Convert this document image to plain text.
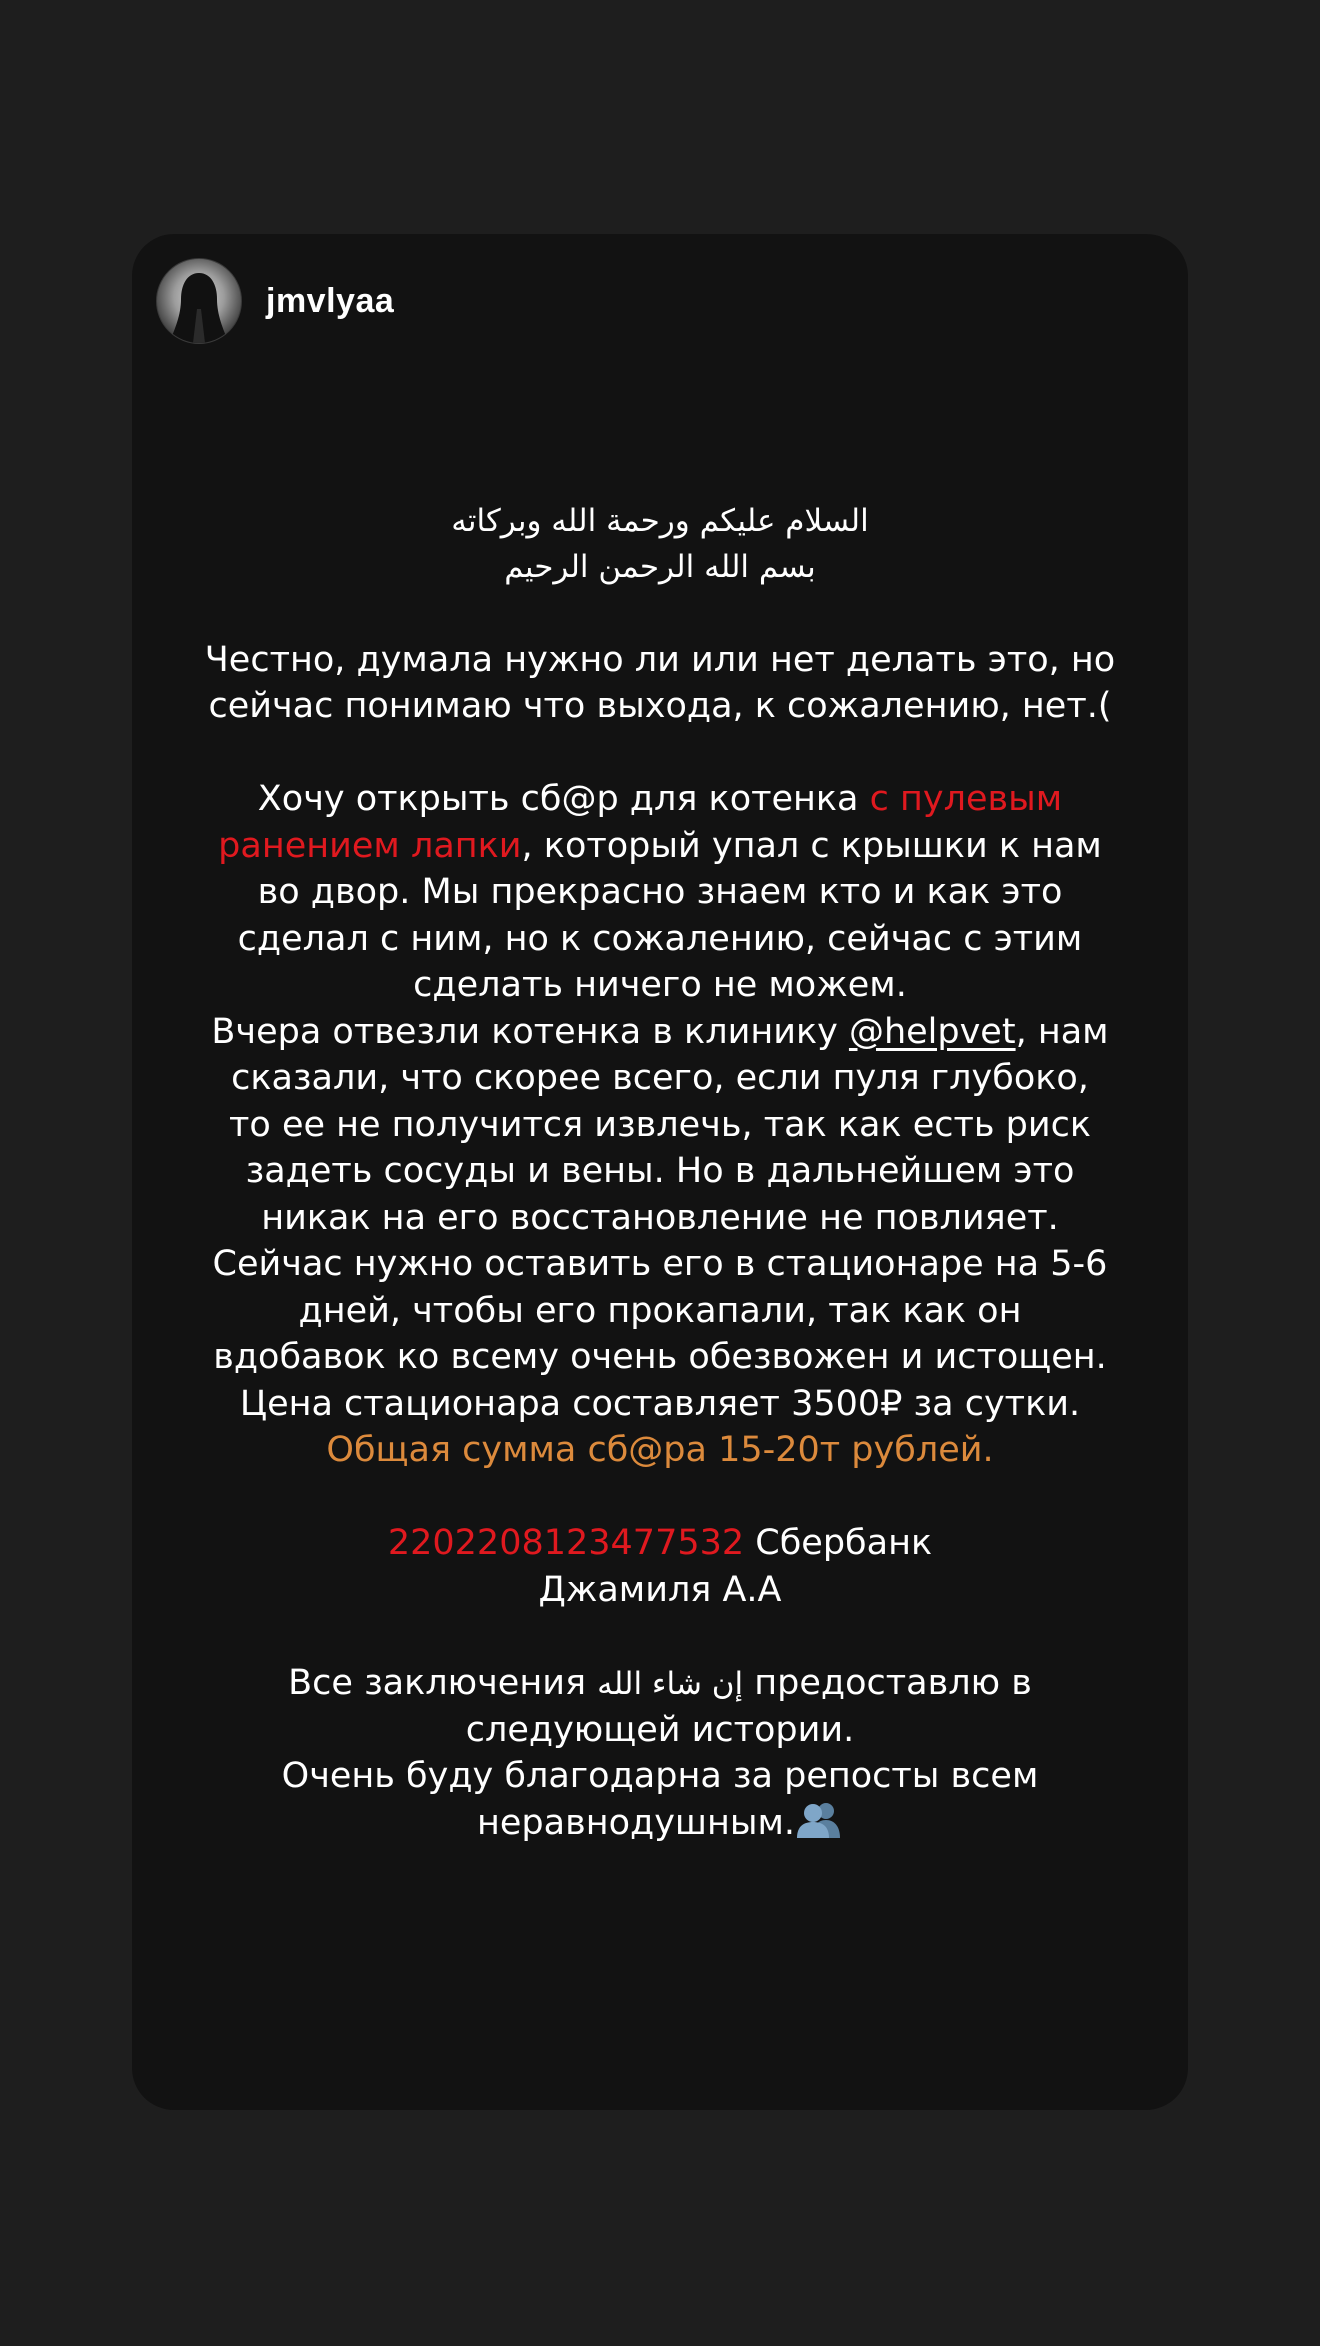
jmvlyaa
السلام عليكم ورحمة الله وبركاته
بسم الله الرحمن الرحيم
Честно, думала нужно ли или нет делать это, но
сейчас понимаю что выхода, к сожалению, нет.(
Хочу открыть сб@р для котенка с пулевым
ранением лапки, который упал с крышки к нам
во двор. Мы прекрасно знаем кто и как это
сделал с ним, но к сожалению, сейчас с этим
сделать ничего не можем.
Вчера отвезли котенка в клинику @helpvet, нам
сказали, что скорее всего, если пуля глубоко,
то ее не получится извлечь, так как есть риск
задеть сосуды и вены. Но в дальнейшем это
никак на его восстановление не повлияет.
Сейчас нужно оставить его в стационаре на 5-6
дней, чтобы его прокапали, так как он
вдобавок ко всему очень обезвожен и истощен.
Цена стационара составляет 3500₽ за сутки.
Общая сумма сб@ра 15-20т рублей.
2202208123477532 Сбербанк
Джамиля А.А
Все заключения إن شاء الله предоставлю в
следующей истории.
Очень буду благодарна за репосты всем
неравнодушным.
